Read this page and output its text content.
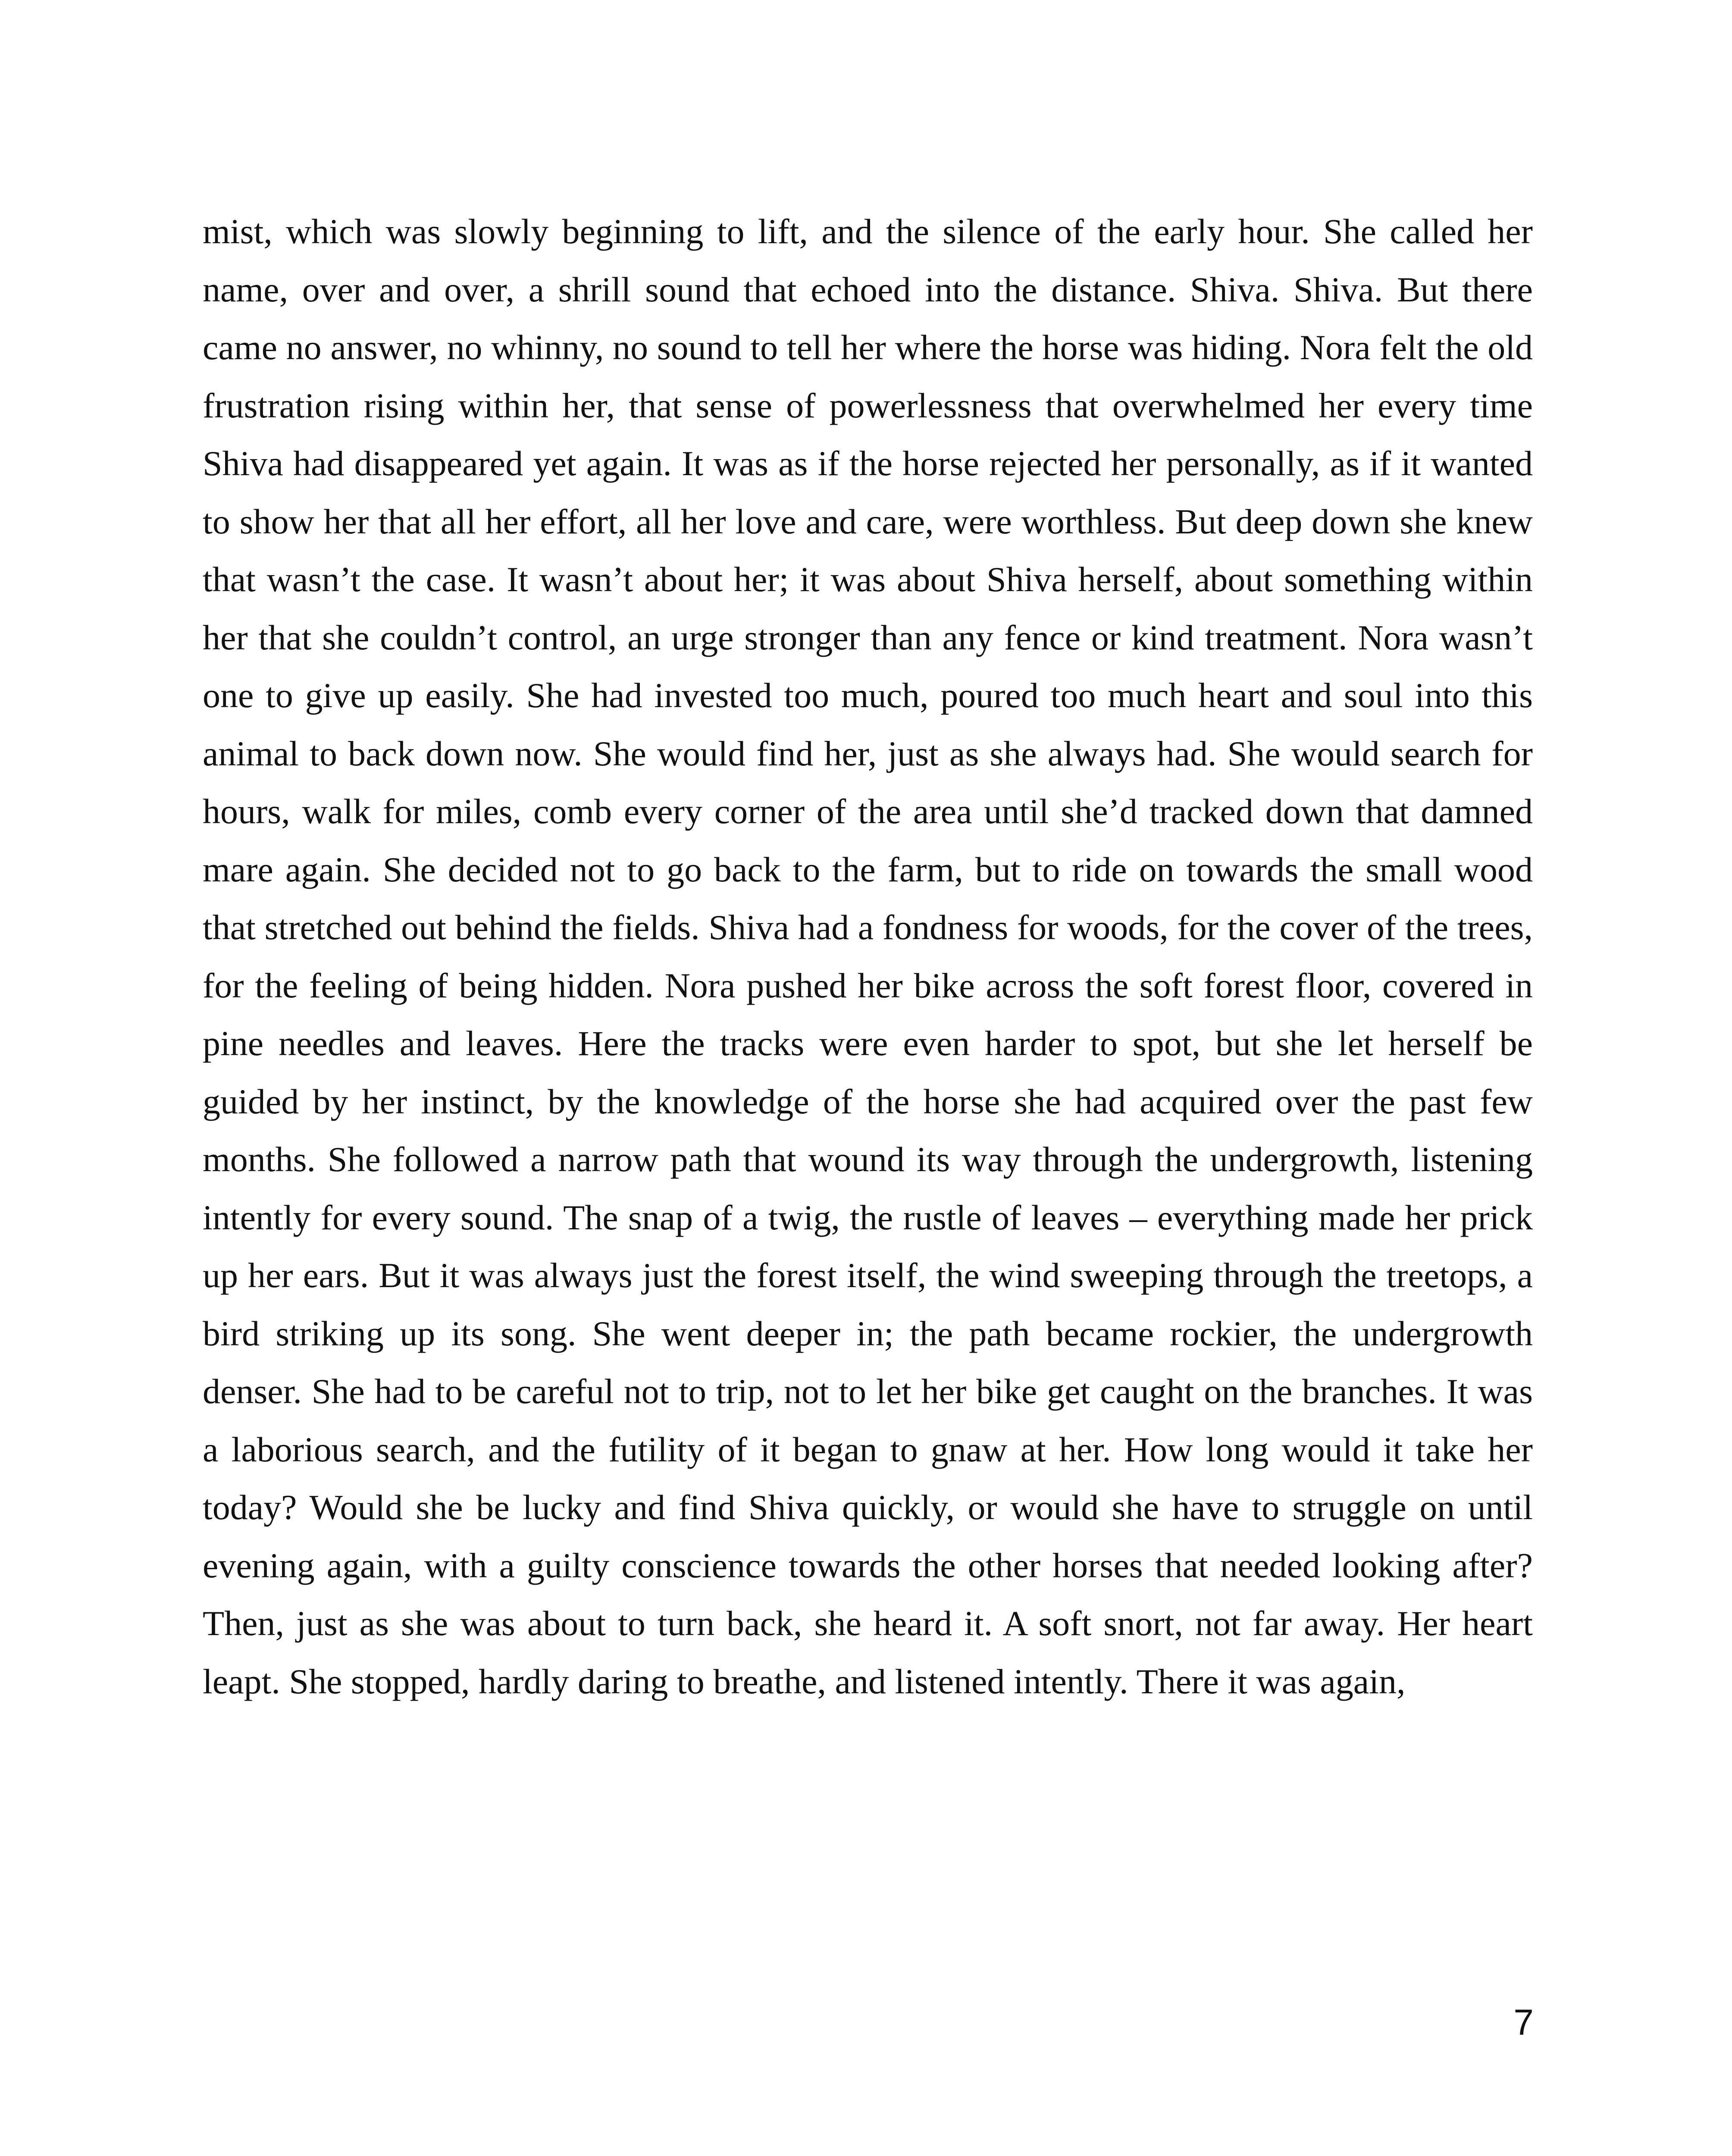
mist, which was slowly beginning to lift, and the silence of the early hour. She called her name, over and over, a shrill sound that echoed into the distance. Shiva. Shiva. But there came no answer, no whinny, no sound to tell her where the horse was hiding. Nora felt the old frustration rising within her, that sense of powerlessness that overwhelmed her every time Shiva had disappeared yet again. It was as if the horse rejected her personally, as if it wanted to show her that all her effort, all her love and care, were worthless. But deep down she knew that wasn’t the case. It wasn’t about her; it was about Shiva herself, about something within her that she couldn’t control, an urge stronger than any fence or kind treatment. Nora wasn’t one to give up easily. She had invested too much, poured too much heart and soul into this animal to back down now. She would find her, just as she always had. She would search for hours, walk for miles, comb every corner of the area until she’d tracked down that damned mare again. She decided not to go back to the farm, but to ride on towards the small wood that stretched out behind the fields. Shiva had a fondness for woods, for the cover of the trees, for the feeling of being hidden. Nora pushed her bike across the soft forest floor, covered in pine needles and leaves. Here the tracks were even harder to spot, but she let herself be guided by her instinct, by the knowledge of the horse she had acquired over the past few months. She followed a narrow path that wound its way through the undergrowth, listening intently for every sound. The snap of a twig, the rustle of leaves – everything made her prick up her ears. But it was always just the forest itself, the wind sweeping through the treetops, a bird striking up its song. She went deeper in; the path became rockier, the undergrowth denser. She had to be careful not to trip, not to let her bike get caught on the branches. It was a laborious search, and the futility of it began to gnaw at her. How long would it take her today? Would she be lucky and find Shiva quickly, or would she have to struggle on until evening again, with a guilty conscience towards the other horses that needed looking after? Then, just as she was about to turn back, she heard it. A soft snort, not far away. Her heart leapt. She stopped, hardly daring to breathe, and listened intently. There it was again,

7
